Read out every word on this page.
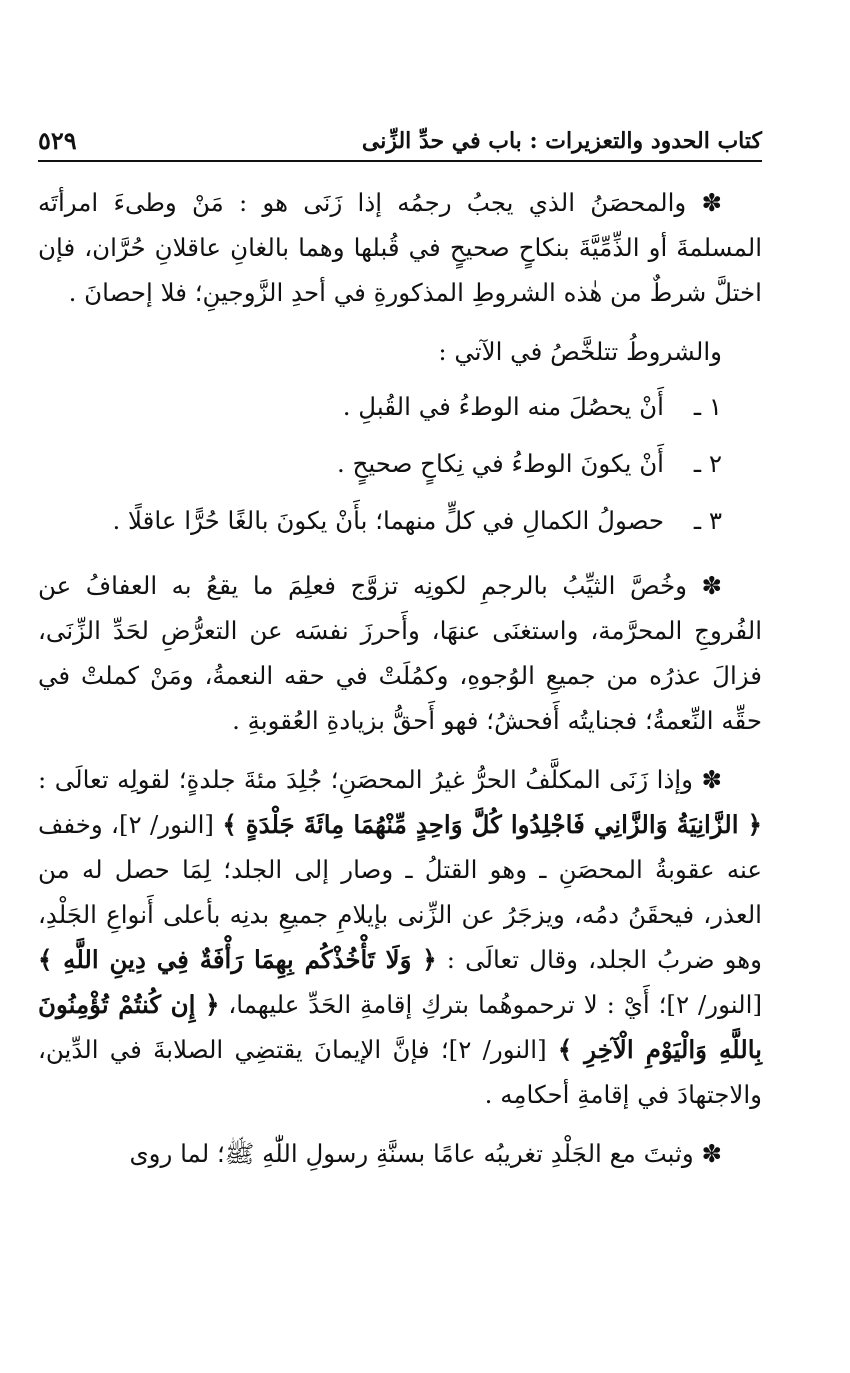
كتاب الحدود والتعزيرات : باب في حدِّ الزِّنى
٥٢٩

✽ والمحصَنُ الذي يجبُ رجمُه إذا زَنَى هو : مَنْ وطىءَ امرأتَه المسلمةَ أو الذِّمِّيَّةَ بنكاحٍ صحيحٍ في قُبلها وهما بالغانِ عاقلانِ حُرَّان، فإن اختلَّ شرطٌ من هٰذه الشروطِ المذكورةِ في أحدِ الزَّوجينِ؛ فلا إحصانَ .

والشروطُ تتلخَّصُ في الآتي :

١ ـأَنْ يحصُلَ منه الوطءُ في القُبلِ .

٢ ـأَنْ يكونَ الوطءُ في نِكاحٍ صحيحٍ .

٣ ـحصولُ الكمالِ في كلٍّ منهما؛ بأَنْ يكونَ بالغًا حُرًّا عاقلًا .

✽ وخُصَّ الثيِّبُ بالرجمِ لكونِه تزوَّج فعلِمَ ما يقعُ به العفافُ عن الفُروجِ المحرَّمة، واستغنَى عنهَا، وأَحرزَ نفسَه عن التعرُّضِ لحَدِّ الزِّنَى، فزالَ عذرُه من جميعِ الوُجوهِ، وكمُلَتْ في حقه النعمةُ، ومَنْ كملتْ في حقِّه النِّعمةُ؛ فجنايتُه أَفحشُ؛ فهو أَحقُّ بزيادةِ العُقوبةِ .

✽ وإذا زَنَى المكلَّفُ الحرُّ غيرُ المحصَنِ؛ جُلِدَ مئةَ جلدةٍ؛ لقولِه تعالَى : ﴿ الزَّانِيَةُ وَالزَّانِي فَاجْلِدُوا كُلَّ وَاحِدٍ مِّنْهُمَا مِائَةَ جَلْدَةٍ ﴾ [النور/ ٢]، وخفف عنه عقوبةُ المحصَنِ ـ وهو القتلُ ـ وصار إلى الجلد؛ لِمَا حصل له من العذر، فيحقَنُ دمُه، ويزجَرُ عن الزِّنى بإيلامِ جميعِ بدنِه بأعلى أَنواعِ الجَلْدِ، وهو ضربُ الجلد، وقال تعالَى : ﴿ وَلَا تَأْخُذْكُم بِهِمَا رَأْفَةٌ فِي دِينِ اللَّهِ ﴾ [النور/ ٢]؛ أَيْ : لا ترحموهُما بتركِ إقامةِ الحَدِّ عليهما، ﴿ إِن كُنتُمْ تُؤْمِنُونَ بِاللَّهِ وَالْيَوْمِ الْآخِرِ ﴾ [النور/ ٢]؛ فإنَّ الإيمانَ يقتضِي الصلابةَ في الدِّين، والاجتهادَ في إقامةِ أحكامِه .

✽ وثبتَ مع الجَلْدِ تغريبُه عامًا بسنَّةِ رسولِ اللّٰهِ ﷺ؛ لما روى
